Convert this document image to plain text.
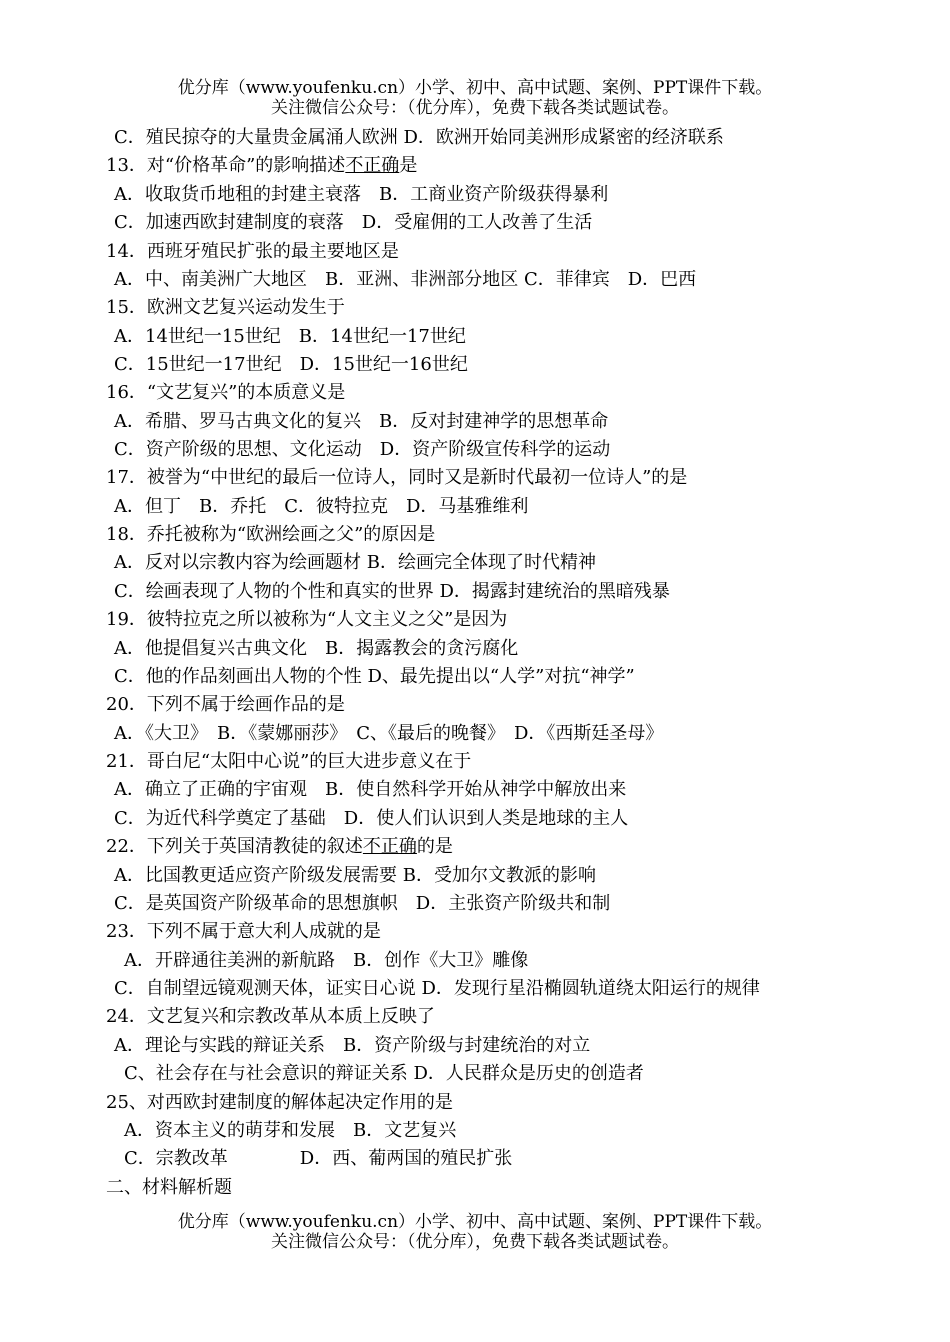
优分库（www.youfenku.cn）小学、初中、高中试题、案例、PPT课件下载。
关注微信公众号：（优分库），免费下载各类试题试卷。
C．殖民掠夺的大量贵金属涌人欧洲 D．欧洲开始同美洲形成紧密的经济联系
13．对“价格革命”的影响描述不正确是
A．收取货币地租的封建主衰落　B．工商业资产阶级获得暴利
C．加速西欧封建制度的衰落　D．受雇佣的工人改善了生活
14．西班牙殖民扩张的最主要地区是
A．中、南美洲广大地区　B．亚洲、非洲部分地区 C．菲律宾　D．巴西
15．欧洲文艺复兴运动发生于
A．14世纪一15世纪　B．14世纪一17世纪
C．15世纪一17世纪　D．15世纪一16世纪
16．“文艺复兴”的本质意义是
A．希腊、罗马古典文化的复兴　B．反对封建神学的思想革命
C．资产阶级的思想、文化运动　D．资产阶级宣传科学的运动
17．被誉为“中世纪的最后一位诗人，同时又是新时代最初一位诗人”的是
A．但丁　B．乔托　C．彼特拉克　D．马基雅维利
18．乔托被称为“欧洲绘画之父”的原因是
A．反对以宗教内容为绘画题材 B．绘画完全体现了时代精神
C．绘画表现了人物的个性和真实的世界 D．揭露封建统治的黑暗残暴
19．彼特拉克之所以被称为“人文主义之父”是因为
A．他提倡复兴古典文化　B．揭露教会的贪污腐化
C．他的作品刻画出人物的个性 D、最先提出以“人学”对抗“神学”
20．下列不属于绘画作品的是
A．《大卫》　B．《蒙娜丽莎》　C、《最后的晚餐》　D．《西斯廷圣母》
21．哥白尼“太阳中心说”的巨大进步意义在于
A．确立了正确的宇宙观　B．使自然科学开始从神学中解放出来
C．为近代科学奠定了基础　D．使人们认识到人类是地球的主人
22．下列关于英国清教徒的叙述不正确的是
A．比国教更适应资产阶级发展需要 B．受加尔文教派的影响
C．是英国资产阶级革命的思想旗帜　D．主张资产阶级共和制
23．下列不属于意大利人成就的是
A．开辟通往美洲的新航路　B．创作《大卫》雕像
C．自制望远镜观测天体，证实日心说 D．发现行星沿椭圆轨道绕太阳运行的规律
24．文艺复兴和宗教改革从本质上反映了
A．理论与实践的辩证关系　B．资产阶级与封建统治的对立
C、社会存在与社会意识的辩证关系 D．人民群众是历史的创造者
25、对西欧封建制度的解体起决定作用的是
A．资本主义的萌芽和发展　B．文艺复兴
C．宗教改革　　　　D．西、葡两国的殖民扩张
二、材料解析题
优分库（www.youfenku.cn）小学、初中、高中试题、案例、PPT课件下载。
关注微信公众号：（优分库），免费下载各类试题试卷。
